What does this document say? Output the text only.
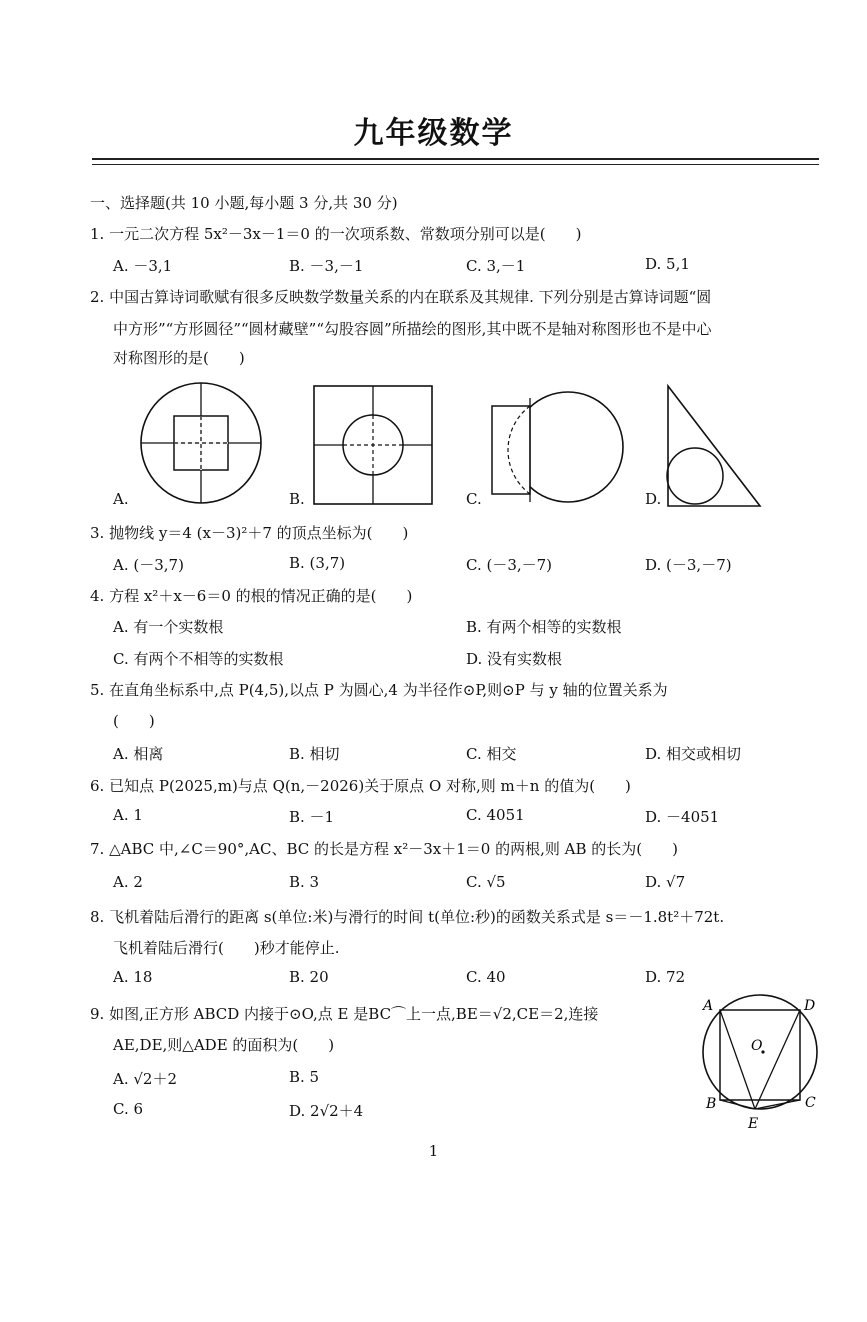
九年级数学
一、选择题(共 10 小题,每小题 3 分,共 30 分)
1. 一元二次方程 5x²－3x－1＝0 的一次项系数、常数项分别可以是(　　)
A. －3,1	B. －3,－1	C. 3,－1	D. 5,1
2. 中国古算诗词歌赋有很多反映数学数量关系的内在联系及其规律. 下列分别是古算诗词题“圆
中方形”“方形圆径”“圆材藏壁”“勾股容圆”所描绘的图形,其中既不是轴对称图形也不是中心
对称图形的是(　　)
A.	B.	C.	D.
3. 抛物线 y＝4 (x－3)²＋7 的顶点坐标为(　　)
A. (－3,7)	B. (3,7)	C. (－3,－7)	D. (－3,－7)
4. 方程 x²＋x－6＝0 的根的情况正确的是(　　)
A. 有一个实数根	B. 有两个相等的实数根
C. 有两个不相等的实数根	D. 没有实数根
5. 在直角坐标系中,点 P(4,5),以点 P 为圆心,4 为半径作⊙P,则⊙P 与 y 轴的位置关系为
(　　)
A. 相离	B. 相切	C. 相交	D. 相交或相切
6. 已知点 P(2025,m)与点 Q(n,－2026)关于原点 O 对称,则 m＋n 的值为(　　)
A. 1	B. －1	C. 4051	D. －4051
7. △ABC 中,∠C＝90°,AC、BC 的长是方程 x²－3x＋1＝0 的两根,则 AB 的长为(　　)
A. 2	B. 3	C. √5	D. √7
8. 飞机着陆后滑行的距离 s(单位:米)与滑行的时间 t(单位:秒)的函数关系式是 s＝－1.8t²＋72t.
飞机着陆后滑行(　　)秒才能停止.
A. 18	B. 20	C. 40	D. 72
9. 如图,正方形 ABCD 内接于⊙O,点 E 是BC⌒上一点,BE＝√2,CE＝2,连接
AE,DE,则△ADE 的面积为(　　)
A. √2＋2	B. 5
C. 6	D. 2√2＋4
A	D
O
B	C
E
1
